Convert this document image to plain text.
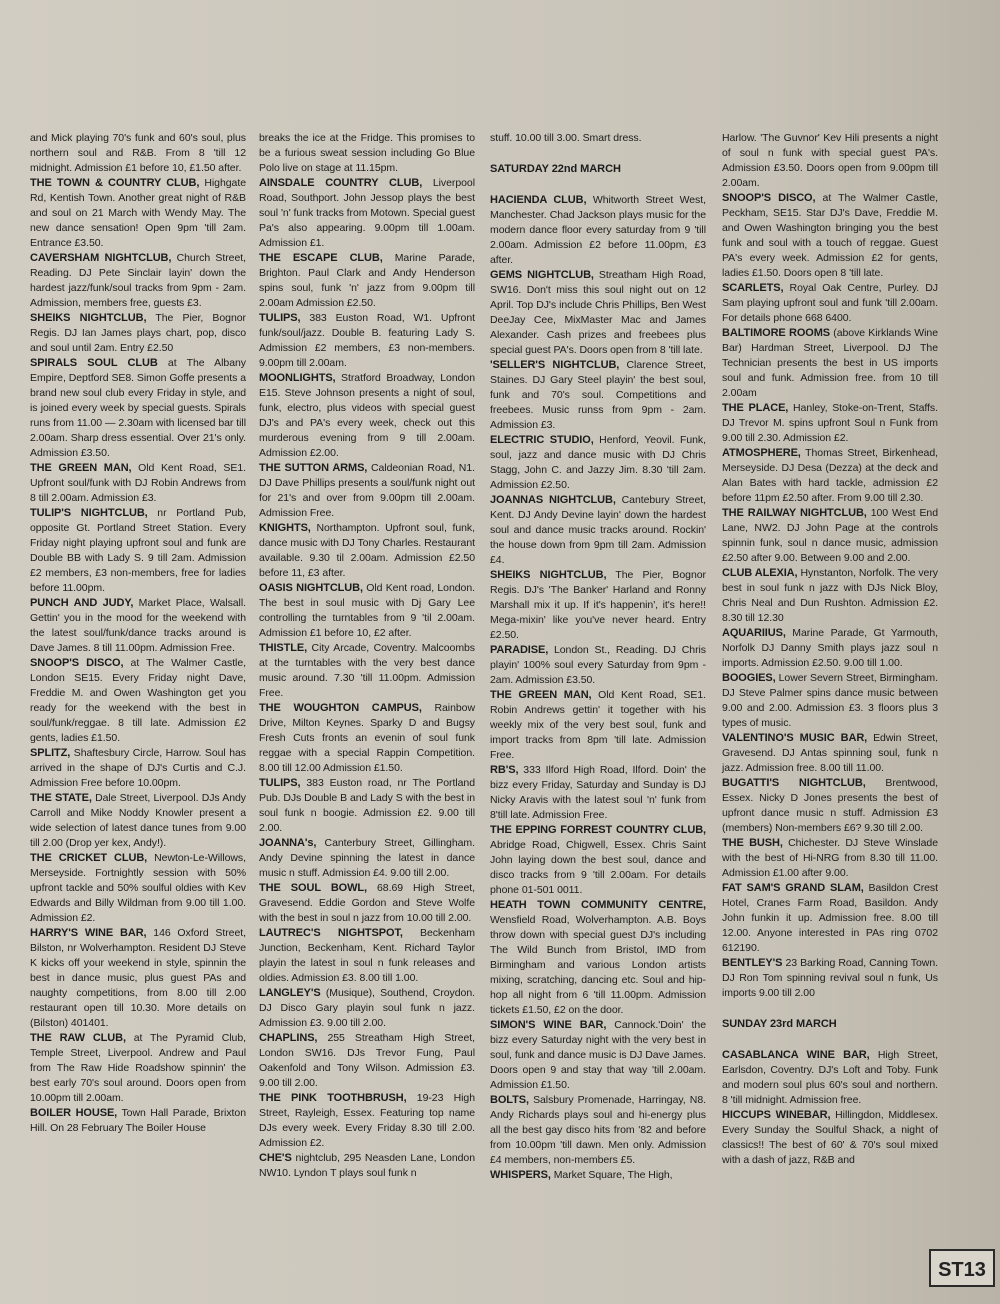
and Mick playing 70's funk and 60's soul, plus northern soul and R&B. From 8 'till 12 midnight. Admission £1 before 10, £1.50 after.

THE TOWN & COUNTRY CLUB, Highgate Rd, Kentish Town. Another great night of R&B and soul on 21 March with Wendy May. The new dance sensation! Open 9pm 'till 2am. Entrance £3.50.

CAVERSHAM NIGHTCLUB, Church Street, Reading. DJ Pete Sinclair layin' down the hardest jazz/funk/soul tracks from 9pm - 2am. Admission, members free, guests £3.

SHEIKS NIGHTCLUB, The Pier, Bognor Regis. DJ Ian James plays chart, pop, disco and soul until 2am. Entry £2.50

SPIRALS SOUL CLUB at The Albany Empire, Deptford SE8. Simon Goffe presents a brand new soul club every Friday in style, and is joined every week by special guests. Spirals runs from 11.00 — 2.30am with licensed bar till 2.00am. Sharp dress essential. Over 21's only. Admission £3.50.

THE GREEN MAN, Old Kent Road, SE1. Upfront soul/funk with DJ Robin Andrews from 8 till 2.00am. Admission £3.

TULIP'S NIGHTCLUB, nr Portland Pub, opposite Gt. Portland Street Station. Every Friday night playing upfront soul and funk are Double BB with Lady S. 9 till 2am. Admission £2 members, £3 non-members, free for ladies before 11.00pm.

PUNCH AND JUDY, Market Place, Walsall. Gettin' you in the mood for the weekend with the latest soul/funk/dance tracks around is Dave James. 8 till 11.00pm. Admission Free.

SNOOP'S DISCO, at The Walmer Castle, London SE15. Every Friday night Dave, Freddie M. and Owen Washington get you ready for the weekend with the best in soul/funk/reggae. 8 till late. Admission £2 gents, ladies £1.50.

SPLITZ, Shaftesbury Circle, Harrow. Soul has arrived in the shape of DJ's Curtis and C.J. Admission Free before 10.00pm.

THE STATE, Dale Street, Liverpool. DJs Andy Carroll and Mike Noddy Knowler present a wide selection of latest dance tunes from 9.00 till 2.00 (Drop yer kex, Andy!).

THE CRICKET CLUB, Newton-Le-Willows, Merseyside. Fortnightly session with 50% upfront tackle and 50% soulful oldies with Kev Edwards and Billy Wildman from 9.00 till 1.00. Admission £2.

HARRY'S WINE BAR, 146 Oxford Street, Bilston, nr Wolverhampton. Resident DJ Steve K kicks off your weekend in style, spinnin the best in dance music, plus guest PAs and naughty competitions, from 8.00 till 2.00 restaurant open till 10.30. More details on (Bilston) 401401.

THE RAW CLUB, at The Pyramid Club, Temple Street, Liverpool. Andrew and Paul from The Raw Hide Roadshow spinnin' the best early 70's soul around. Doors open from 10.00pm till 2.00am.

BOILER HOUSE, Town Hall Parade, Brixton Hill. On 28 February The Boiler House

breaks the ice at the Fridge. This promises to be a furious sweat session including Go Blue Polo live on stage at 11.15pm.

AINSDALE COUNTRY CLUB, Liverpool Road, Southport. John Jessop plays the best soul 'n' funk tracks from Motown. Special guest Pa's also appearing. 9.00pm till 1.00am. Admission £1.

THE ESCAPE CLUB, Marine Parade, Brighton. Paul Clark and Andy Henderson spins soul, funk 'n' jazz from 9.00pm till 2.00am Admission £2.50.

TULIPS, 383 Euston Road, W1. Upfront funk/soul/jazz. Double B. featuring Lady S. Admission £2 members, £3 non-members. 9.00pm till 2.00am.

MOONLIGHTS, Stratford Broadway, London E15. Steve Johnson presents a night of soul, funk, electro, plus videos with special guest DJ's and PA's every week, check out this murderous evening from 9 till 2.00am. Admission £2.00.

THE SUTTON ARMS, Caldeonian Road, N1. DJ Dave Phillips presents a soul/funk night out for 21's and over from 9.00pm till 2.00am. Admission Free.

KNIGHTS, Northampton. Upfront soul, funk, dance music with DJ Tony Charles. Restaurant available. 9.30 til 2.00am. Admission £2.50 before 11, £3 after.

OASIS NIGHTCLUB, Old Kent road, London. The best in soul music with Dj Gary Lee controlling the turntables from 9 'til 2.00am. Admission £1 before 10, £2 after.

THISTLE, City Arcade, Coventry. Malcoombs at the turntables with the very best dance music around. 7.30 'till 11.00pm. Admission Free.

THE WOUGHTON CAMPUS, Rainbow Drive, Milton Keynes. Sparky D and Bugsy Fresh Cuts fronts an evenin of soul funk reggae with a special Rappin Competition. 8.00 till 12.00 Admission £1.50.

TULIPS, 383 Euston road, nr The Portland Pub. DJs Double B and Lady S with the best in soul funk n boogie. Admission £2. 9.00 till 2.00.

JOANNA's, Canterbury Street, Gillingham. Andy Devine spinning the latest in dance music n stuff. Admission £4. 9.00 till 2.00.

THE SOUL BOWL, 68.69 High Street, Gravesend. Eddie Gordon and Steve Wolfe with the best in soul n jazz from 10.00 till 2.00.

LAUTREC'S NIGHTSPOT, Beckenham Junction, Beckenham, Kent. Richard Taylor playin the latest in soul n funk releases and oldies. Admission £3. 8.00 till 1.00.

LANGLEY'S (Musique), Southend, Croydon. DJ Disco Gary playin soul funk n jazz. Admission £3. 9.00 till 2.00.

CHAPLINS, 255 Streatham High Street, London SW16. DJs Trevor Fung, Paul Oakenfold and Tony Wilson. Admission £3. 9.00 till 2.00.

THE PINK TOOTHBRUSH, 19-23 High Street, Rayleigh, Essex. Featuring top name DJs every week. Every Friday 8.30 till 2.00. Admission £2.

CHE'S nightclub, 295 Neasden Lane, London NW10. Lyndon T plays soul funk n

stuff. 10.00 till 3.00. Smart dress.

SATURDAY 22nd MARCH

HACIENDA CLUB, Whitworth Street West, Manchester. Chad Jackson plays music for the modern dance floor every saturday from 9 'till 2.00am. Admission £2 before 11.00pm, £3 after.

GEMS NIGHTCLUB, Streatham High Road, SW16. Don't miss this soul night out on 12 April. Top DJ's include Chris Phillips, Ben West DeeJay Cee, MixMaster Mac and James Alexander. Cash prizes and freebees plus special guest PA's. Doors open from 8 'till late.

'SELLER'S NIGHTCLUB, Clarence Street, Staines. DJ Gary Steel playin' the best soul, funk and 70's soul. Competitions and freebees. Music runss from 9pm - 2am. Admission £3.

ELECTRIC STUDIO, Henford, Yeovil. Funk, soul, jazz and dance music with DJ Chris Stagg, John C. and Jazzy Jim. 8.30 'till 2am. Admission £2.50.

JOANNAS NIGHTCLUB, Cantebury Street, Kent. DJ Andy Devine layin' down the hardest soul and dance music tracks around. Rockin' the house down from 9pm till 2am. Admission £4.

SHEIKS NIGHTCLUB, The Pier, Bognor Regis. DJ's 'The Banker' Harland and Ronny Marshall mix it up. If it's happenin', it's here!! Mega-mixin' like you've never heard. Entry £2.50.

PARADISE, London St., Reading. DJ Chris playin' 100% soul every Saturday from 9pm - 2am. Admission £3.50.

THE GREEN MAN, Old Kent Road, SE1. Robin Andrews gettin' it together with his weekly mix of the very best soul, funk and import tracks from 8pm 'till late. Admission Free.

RB'S, 333 Ilford High Road, Ilford. Doin' the bizz every Friday, Saturday and Sunday is DJ Nicky Aravis with the latest soul 'n' funk from 8'till late. Admission Free.

THE EPPING FORREST COUNTRY CLUB, Abridge Road, Chigwell, Essex. Chris Saint John laying down the best soul, dance and disco tracks from 9 'till 2.00am. For details phone 01-501 0011.

HEATH TOWN COMMUNITY CENTRE, Wensfield Road, Wolverhampton. A.B. Boys throw down with special guest DJ's including The Wild Bunch from Bristol, IMD from Birmingham and various London artists mixing, scratching, dancing etc. Soul and hip-hop all night from 6 'till 11.00pm. Admission tickets £1.50, £2 on the door.

SIMON'S WINE BAR, Cannock.'Doin' the bizz every Saturday night with the very best in soul, funk and dance music is DJ Dave James. Doors open 9 and stay that way 'till 2.00am. Admission £1.50.

BOLTS, Salsbury Promenade, Harringay, N8. Andy Richards plays soul and hi-energy plus all the best gay disco hits from '82 and before from 10.00pm 'till dawn. Men only. Admission £4 members, non-members £5.

WHISPERS, Market Square, The High,

Harlow. 'The Guvnor' Kev Hili presents a night of soul n funk with special guest PA's. Admission £3.50. Doors open from 9.00pm till 2.00am.

SNOOP'S DISCO, at The Walmer Castle, Peckham, SE15. Star DJ's Dave, Freddie M. and Owen Washington bringing you the best funk and soul with a touch of reggae. Guest PA's every week. Admission £2 for gents, ladies £1.50. Doors open 8 'till late.

SCARLETS, Royal Oak Centre, Purley. DJ Sam playing upfront soul and funk 'till 2.00am. For details phone 668 6400.

BALTIMORE ROOMS (above Kirklands Wine Bar) Hardman Street, Liverpool. DJ The Technician presents the best in US imports soul and funk. Admission free. from 10 till 2.00am

THE PLACE, Hanley, Stoke-on-Trent, Staffs. DJ Trevor M. spins upfront Soul n Funk from 9.00 till 2.30. Admission £2.

ATMOSPHERE, Thomas Street, Birkenhead, Merseyside. DJ Desa (Dezza) at the deck and Alan Bates with hard tackle, admission £2 before 11pm £2.50 after. From 9.00 till 2.30.

THE RAILWAY NIGHTCLUB, 100 West End Lane, NW2. DJ John Page at the controls spinnin funk, soul n dance music, admission £2.50 after 9.00. Between 9.00 and 2.00.

CLUB ALEXIA, Hynstanton, Norfolk. The very best in soul funk n jazz with DJs Nick Bloy, Chris Neal and Dun Rushton. Admission £2. 8.30 till 12.30

AQUARIIUS, Marine Parade, Gt Yarmouth, Norfolk DJ Danny Smith plays jazz soul n imports. Admission £2.50. 9.00 till 1.00.

BOOGIES, Lower Severn Street, Birmingham. DJ Steve Palmer spins dance music between 9.00 and 2.00. Admission £3. 3 floors plus 3 types of music.

VALENTINO'S MUSIC BAR, Edwin Street, Gravesend. DJ Antas spinning soul, funk n jazz. Admission free. 8.00 till 11.00.

BUGATTI'S NIGHTCLUB, Brentwood, Essex. Nicky D Jones presents the best of upfront dance music n stuff. Admission £3 (members) Non-members £6? 9.30 till 2.00.

THE BUSH, Chichester. DJ Steve Winslade with the best of Hi-NRG from 8.30 till 11.00. Admission £1.00 after 9.00.

FAT SAM'S GRAND SLAM, Basildon Crest Hotel, Cranes Farm Road, Basildon. Andy John funkin it up. Admission free. 8.00 till 12.00. Anyone interested in PAs ring 0702 612190.

BENTLEY'S 23 Barking Road, Canning Town. DJ Ron Tom spinning revival soul n funk, Us imports 9.00 till 2.00

SUNDAY 23rd MARCH

CASABLANCA WINE BAR, High Street, Earlsdon, Coventry. DJ's Loft and Toby. Funk and modern soul plus 60's soul and northern. 8 'till midnight. Admission free.

HICCUPS WINEBAR, Hillingdon, Middlesex. Every Sunday the Soulful Shack, a night of classics!! The best of 60' & 70's soul mixed with a dash of jazz, R&B and

ST13
